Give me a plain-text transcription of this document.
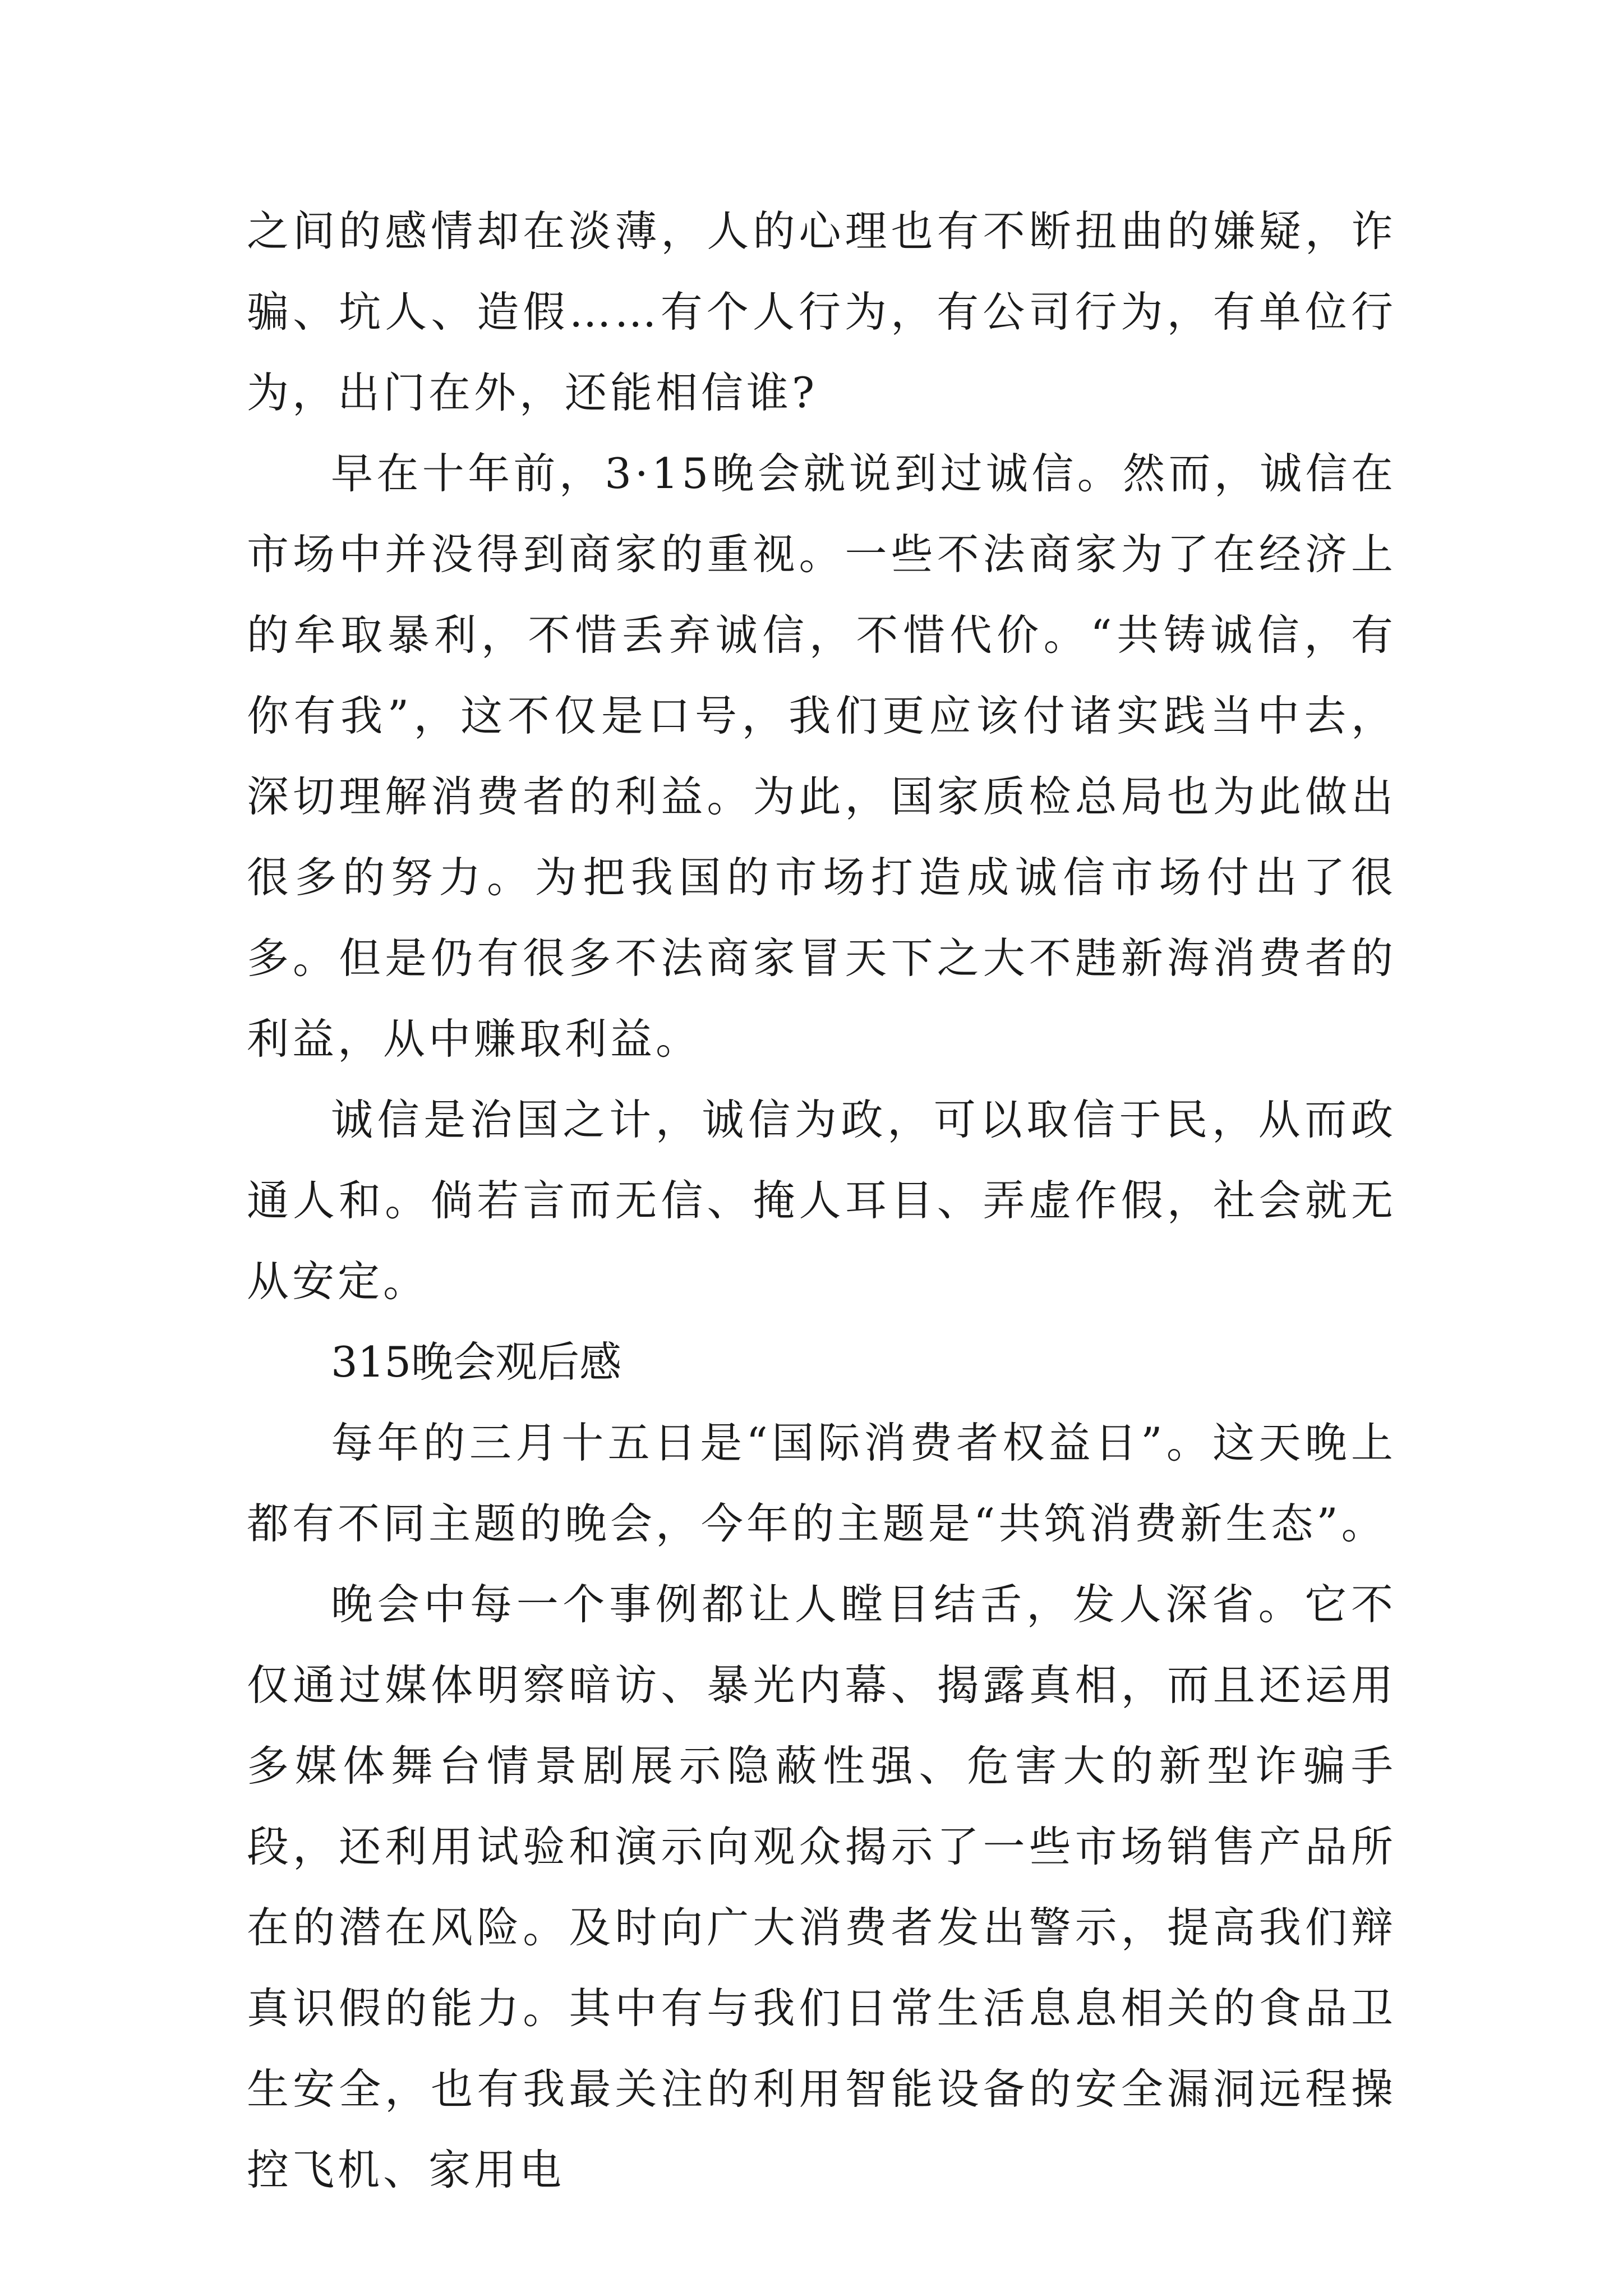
之间的感情却在淡薄，人的心理也有不断扭曲的嫌疑，诈骗、坑人、造假……有个人行为，有公司行为，有单位行为，出门在外，还能相信谁?

早在十年前，3·15晚会就说到过诚信。然而，诚信在市场中并没得到商家的重视。一些不法商家为了在经济上的牟取暴利，不惜丢弃诚信，不惜代价。“共铸诚信，有你有我”，这不仅是口号，我们更应该付诸实践当中去，深切理解消费者的利益。为此，国家质检总局也为此做出很多的努力。为把我国的市场打造成诚信市场付出了很多。但是仍有很多不法商家冒天下之大不韪新海消费者的利益，从中赚取利益。

诚信是治国之计，诚信为政，可以取信于民，从而政通人和。倘若言而无信、掩人耳目、弄虚作假，社会就无从安定。

315晚会观后感

每年的三月十五日是“国际消费者权益日”。这天晚上都有不同主题的晚会，今年的主题是“共筑消费新生态”。

晚会中每一个事例都让人瞠目结舌，发人深省。它不仅通过媒体明察暗访、暴光内幕、揭露真相，而且还运用多媒体舞台情景剧展示隐蔽性强、危害大的新型诈骗手段，还利用试验和演示向观众揭示了一些市场销售产品所在的潜在风险。及时向广大消费者发出警示，提高我们辩真识假的能力。其中有与我们日常生活息息相关的食品卫生安全，也有我最关注的利用智能设备的安全漏洞远程操控飞机、家用电
